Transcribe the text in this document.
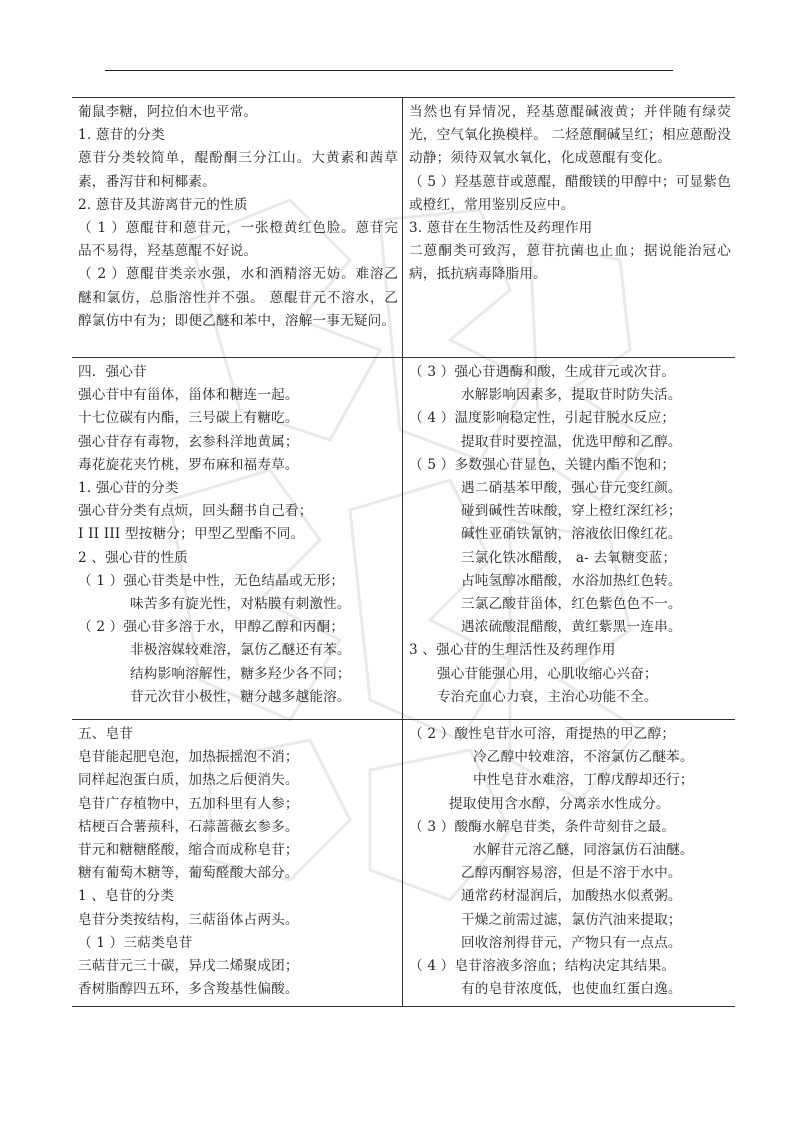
葡鼠李糖，阿拉伯木也平常。
1. 蒽苷的分类
蒽苷分类较简单，醌酚酮三分江山。大黄素和茜草素，番泻苷和柯椰素。
2. 蒽苷及其游离苷元的性质
（ 1 ）蒽醌苷和蒽苷元，一张橙黄红色脸。蒽苷完品不易得，羟基蒽醌不好说。
（ 2 ）蒽醌苷类亲水强，水和酒精溶无妨。难溶乙醚和氯仿，总脂溶性并不强。 蒽醌苷元不溶水，乙醇氯仿中有为；即便乙醚和苯中，溶解一事无疑问。

当然也有异情况，羟基蒽醌碱液黄；并伴随有绿荧光，空气氧化换模样。 二烃蒽酮碱呈红；相应蒽酚没动静；须待双氧水氧化，化成蒽醌有变化。
（ 5 ）羟基蒽苷或蒽醌，醋酸镁的甲醇中；可显紫色或橙红，常用鉴别反应中。
3. 蒽苷在生物活性及药理作用
二蒽酮类可致泻，蒽苷抗菌也止血；据说能治冠心病，抵抗病毒降脂用。

四．强心苷
强心苷中有甾体，甾体和糖连一起。
十七位碳有内酯，三号碳上有糖吃。
强心苷存有毒物，玄参科洋地黄属；
毒花旋花夹竹桃，罗布麻和福寿草。
1. 强心苷的分类
强心苷分类有点烦，回头翻书自己看；
I II III 型按糖分；甲型乙型酯不同。
2 、强心苷的性质
（ 1 ）强心苷类是中性，无色结晶或无形；
味苦多有旋光性，对粘膜有刺激性。
（ 2 ）强心苷多溶于水，甲醇乙醇和丙酮；
非极溶媒较难溶，氯仿乙醚还有苯。
结构影响溶解性，糖多羟少各不同；
苷元次苷小极性，糖分越多越能溶。

（ 3 ）强心苷遇酶和酸，生成苷元或次苷。
水解影响因素多，提取苷时防失活。
（ 4 ）温度影响稳定性，引起苷脱水反应；
提取苷时要控温，优选甲醇和乙醇。
（ 5 ）多数强心苷显色，关键内酯不饱和；
遇二硝基苯甲酸，强心苷元变红颜。
碰到碱性苦味酸，穿上橙红深红衫；
碱性亚硝铁氰钠，溶液依旧像红花。
三氯化铁冰醋酸， a- 去氧糖变蓝；
占吨氢醇冰醋酸，水浴加热红色转。
三氯乙酸苷甾体，红色紫色色不一。
遇浓硫酸混醋酸，黄红紫黑一连串。
3 、强心苷的生理活性及药理作用
强心苷能强心用，心肌收缩心兴奋；
专治充血心力衰，主治心功能不全。

五、皂苷
皂苷能起肥皂泡，加热振摇泡不消；
同样起泡蛋白质，加热之后便消失。
皂苷广存植物中，五加科里有人参；
桔梗百合薯蓣科，石蒜蔷薇玄参多。
苷元和糖糖醛酸，缩合而成称皂苷；
糖有葡萄木糖等，葡萄醛酸大部分。
1 、皂苷的分类
皂苷分类按结构，三萜甾体占两头。
（ 1 ）三萜类皂苷
三萜苷元三十碳，异戊二烯聚成团；
香树脂醇四五环，多含羧基性偏酸。

（ 2 ）酸性皂苷水可溶，甭提热的甲乙醇；
冷乙醇中较难溶，不溶氯仿乙醚苯。
中性皂苷水难溶，丁醇戊醇却还行；
提取使用含水醇，分离亲水性成分。
（ 3 ）酸酶水解皂苷类，条件苛刻苷之最。
水解苷元溶乙醚，同溶氯仿石油醚。
乙醇丙酮容易溶，但是不溶于水中。
通常药材湿润后，加酸热水似煮粥。
干燥之前需过滤，氯仿汽油来提取；
回收溶剂得苷元，产物只有一点点。
（ 4 ）皂苷溶液多溶血；结构决定其结果。
有的皂苷浓度低，也使血红蛋白逸。
